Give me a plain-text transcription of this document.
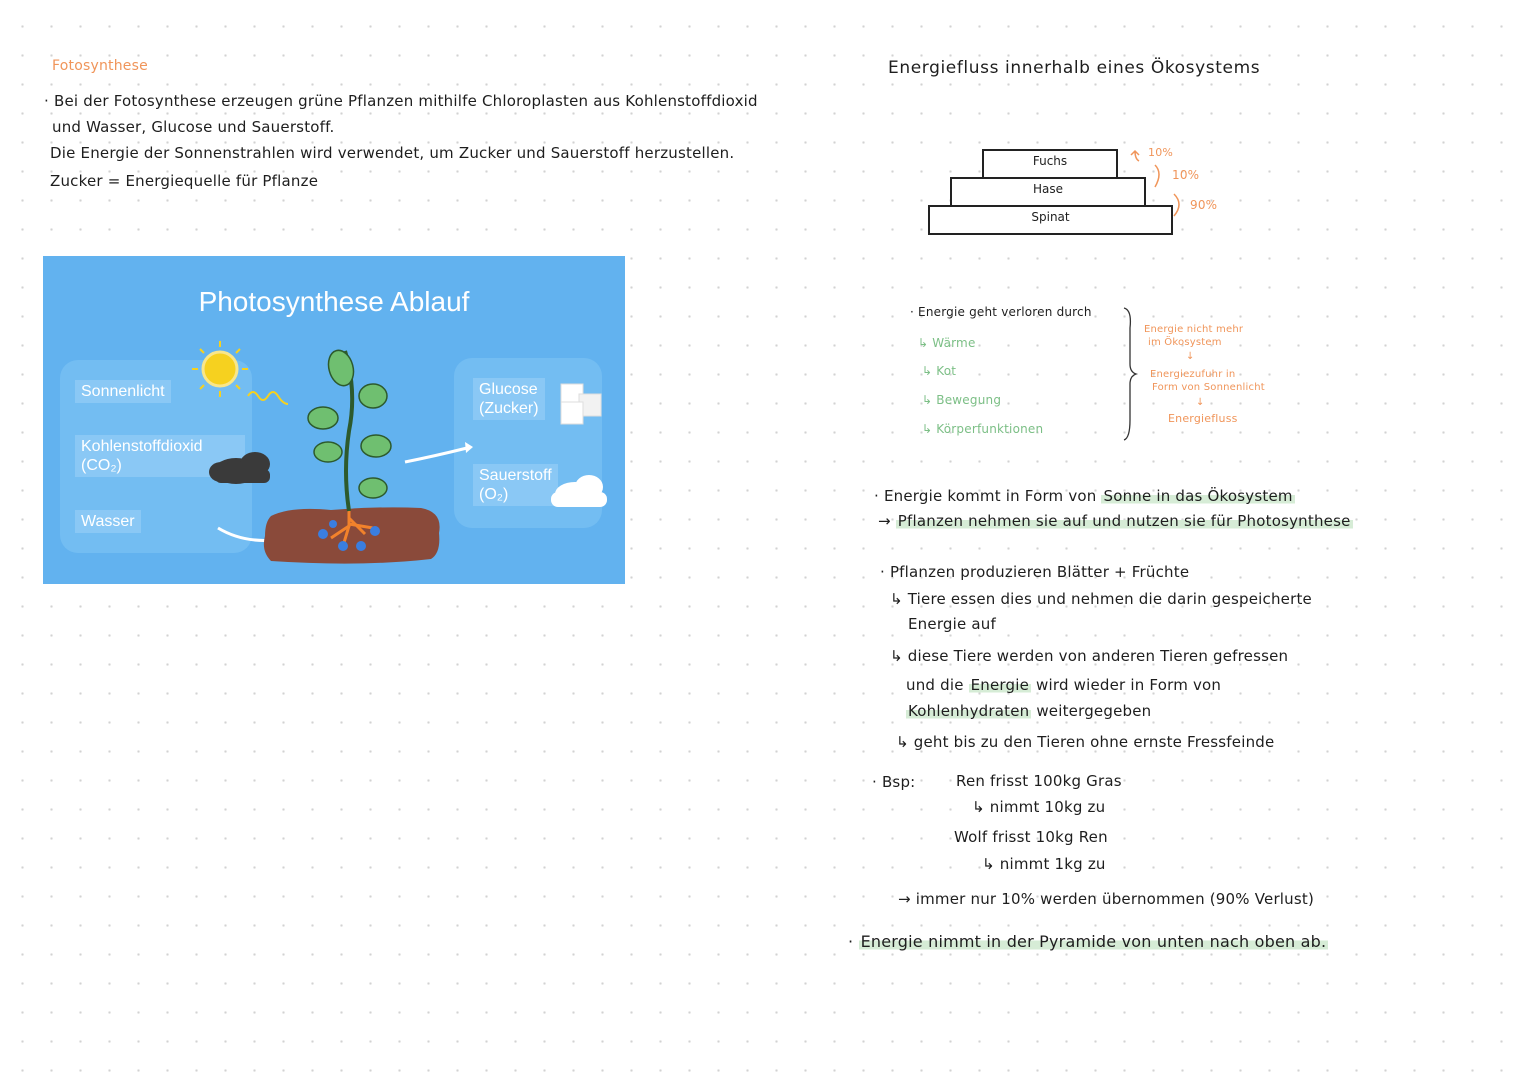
Fotosynthese
· Bei der Fotosynthese erzeugen grüne Pflanzen mithilfe Chloroplasten aus Kohlenstoffdioxid
und Wasser, Glucose und Sauerstoff.
Die Energie der Sonnenstrahlen wird verwendet, um Zucker und Sauerstoff herzustellen.
Zucker = Energiequelle für Pflanze
Photosynthese Ablauf
Sonnenlicht
Kohlenstoffdioxid
(CO₂)
Wasser
Glucose
(Zucker)
Sauerstoff
(O₂)
Energiefluss innerhalb eines Ökosystems
Fuchs
Hase
Spinat
10%
10%
90%
· Energie geht verloren durch
↳ Wärme
↳ Kot
↳ Bewegung
↳ Körperfunktionen
Energie nicht mehr
im Ökosystem
↓
Energiezufuhr in
Form von Sonnenlicht
↓
Energiefluss
· Energie kommt in Form von Sonne in das Ökosystem
→ Pflanzen nehmen sie auf und nutzen sie für Photosynthese
· Pflanzen produzieren Blätter + Früchte
↳ Tiere essen dies und nehmen die darin gespeicherte
Energie auf
↳ diese Tiere werden von anderen Tieren gefressen
und die Energie wird wieder in Form von
Kohlenhydraten weitergegeben
↳ geht bis zu den Tieren ohne ernste Fressfeinde
· Bsp:	Ren frisst 100kg Gras
↳ nimmt 10kg zu
Wolf frisst 10kg Ren
↳ nimmt 1kg zu
→ immer nur 10% werden übernommen (90% Verlust)
· Energie nimmt in der Pyramide von unten nach oben ab.
